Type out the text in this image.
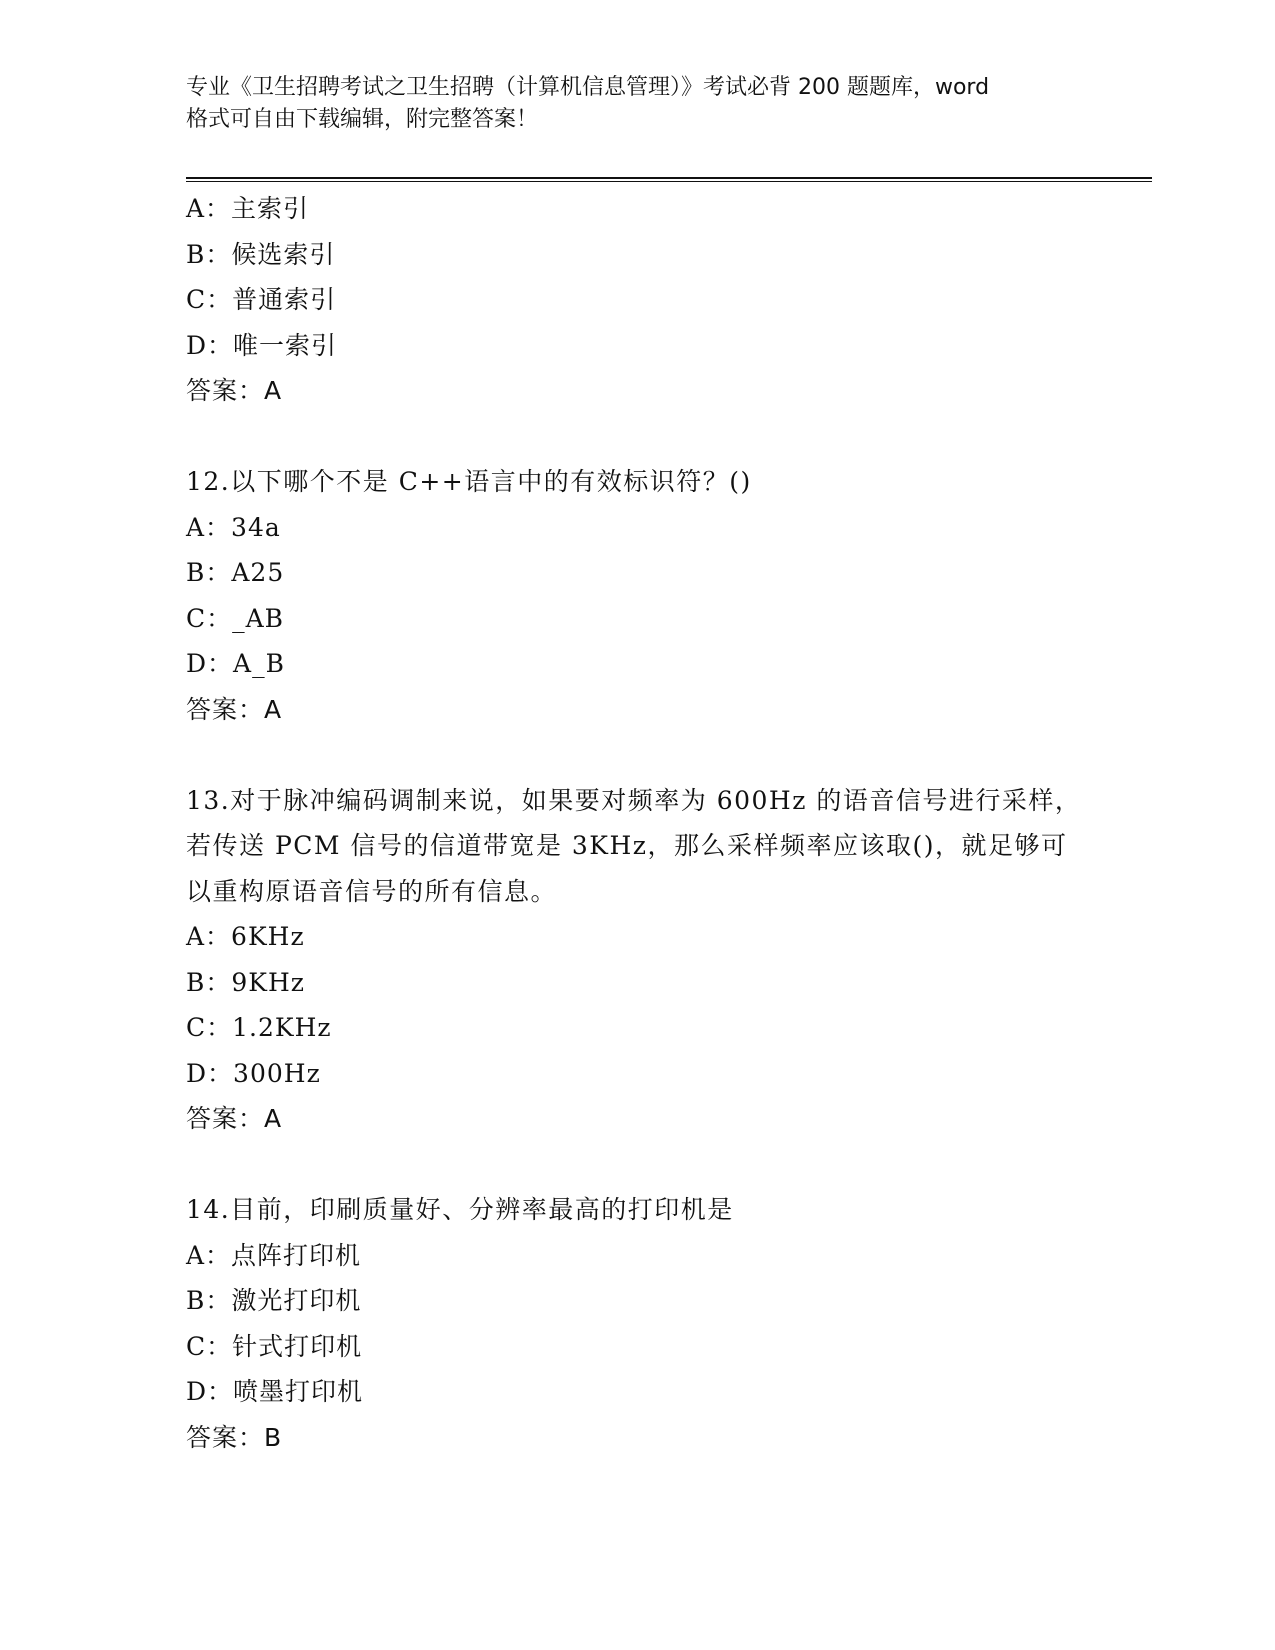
专业《卫生招聘考试之卫生招聘（计算机信息管理）》考试必背 200 题题库，word
格式可自由下载编辑，附完整答案！
A：主索引
B：候选索引
C：普通索引
D：唯一索引
答案：A
12.以下哪个不是 C++语言中的有效标识符？()
A：34a
B：A25
C：_AB
D：A_B
答案：A
13.对于脉冲编码调制来说，如果要对频率为 600Hz 的语音信号进行采样，若传送 PCM 信号的信道带宽是 3KHz，那么采样频率应该取()，就足够可以重构原语音信号的所有信息。
A：6KHz
B：9KHz
C：1.2KHz
D：300Hz
答案：A
14.目前，印刷质量好、分辨率最高的打印机是
A：点阵打印机
B：激光打印机
C：针式打印机
D：喷墨打印机
答案：B
